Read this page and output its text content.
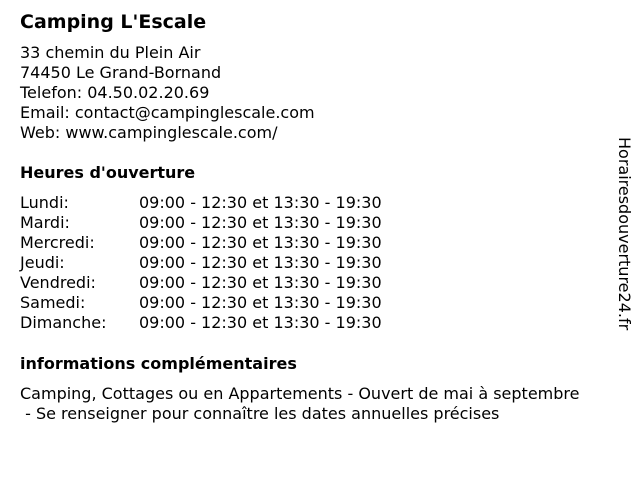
Camping L'Escale
33 chemin du Plein Air
74450 Le Grand-Bornand
Telefon: 04.50.02.20.69
Email: contact@campinglescale.com
Web: www.campinglescale.com/
Heures d'ouverture
Lundi:	09:00 - 12:30 et 13:30 - 19:30
Mardi:	09:00 - 12:30 et 13:30 - 19:30
Mercredi:	09:00 - 12:30 et 13:30 - 19:30
Jeudi:	09:00 - 12:30 et 13:30 - 19:30
Vendredi:	09:00 - 12:30 et 13:30 - 19:30
Samedi:	09:00 - 12:30 et 13:30 - 19:30
Dimanche:	09:00 - 12:30 et 13:30 - 19:30
informations complémentaires
Camping, Cottages ou en Appartements - Ouvert de mai à septembre
- Se renseigner pour connaître les dates annuelles précises
Horairesdouverture24.fr
